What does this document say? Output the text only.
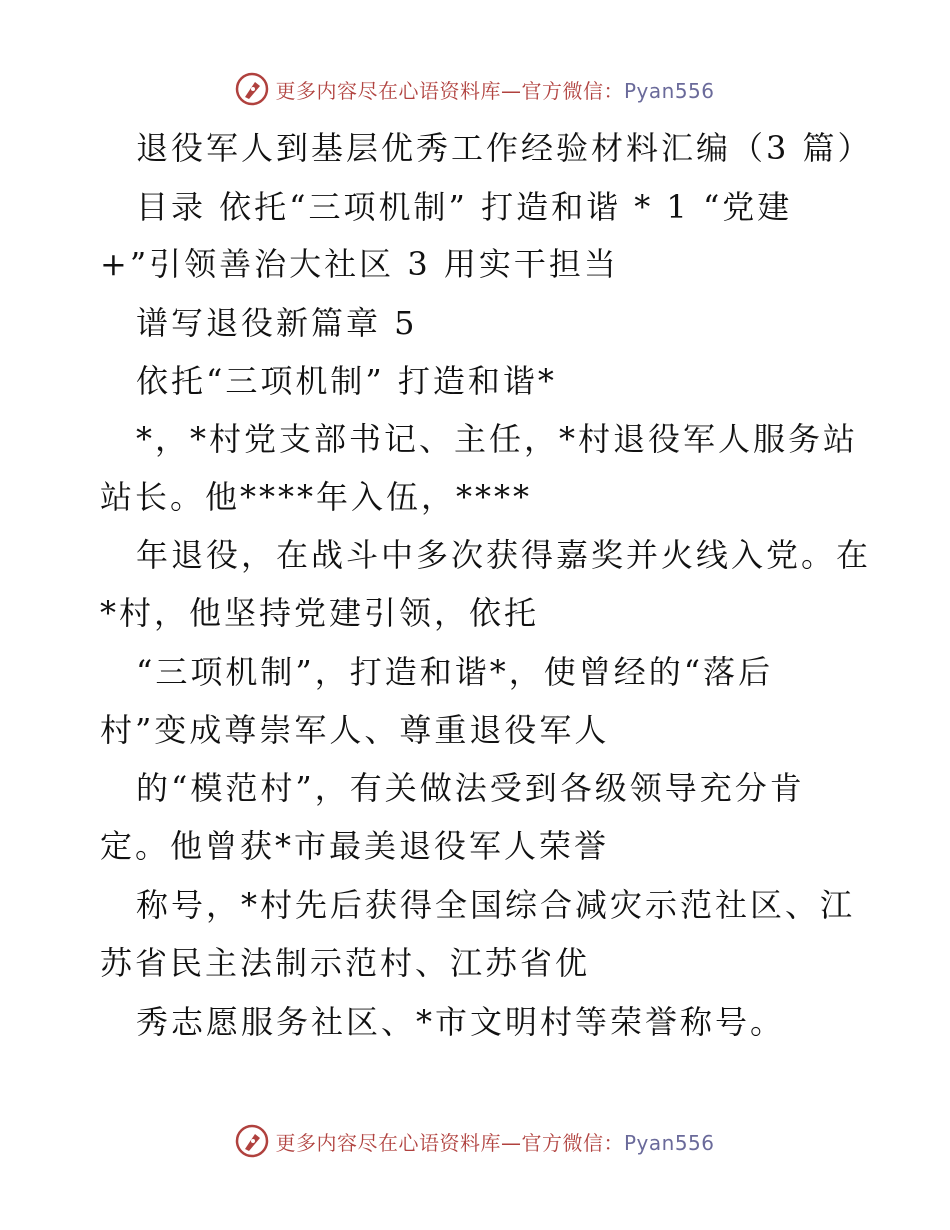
更多内容尽在心语资料库—官方微信：Pyan556
退役军人到基层优秀工作经验材料汇编（3 篇）
目录 依托“三项机制” 打造和谐 * 1 “党建
+”引领善治大社区 3 用实干担当
谱写退役新篇章 5
依托“三项机制” 打造和谐*
*，*村党支部书记、主任，*村退役军人服务站
站长。他****年入伍，****
年退役，在战斗中多次获得嘉奖并火线入党。在
*村，他坚持党建引领，依托
“三项机制”，打造和谐*，使曾经的“落后
村”变成尊崇军人、尊重退役军人
的“模范村”，有关做法受到各级领导充分肯
定。他曾获*市最美退役军人荣誉
称号，*村先后获得全国综合减灾示范社区、江
苏省民主法制示范村、江苏省优
秀志愿服务社区、*市文明村等荣誉称号。
更多内容尽在心语资料库—官方微信：Pyan556
